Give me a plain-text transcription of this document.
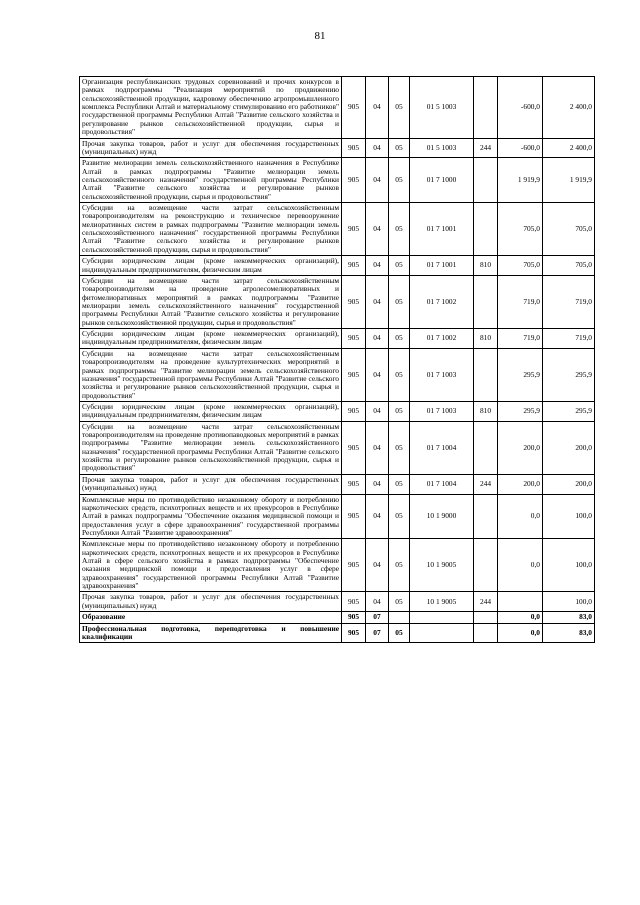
81
Организация республиканских трудовых соревнований и прочих конкурсов в рамках подпрограммы "Реализация мероприятий по продвижению сельскохозяйственной продукции, кадровому обеспечению агропромышленного комплекса Республики Алтай и материальному стимулированию его работников" государственной программы Республики Алтай "Развитие сельского хозяйства и регулирование рынков сельскохозяйственной продукции, сырья и продовольствия"	905	04	05	01 5 1003		-600,0	2 400,0
Прочая закупка товаров, работ и услуг для обеспечения государственных (муниципальных) нужд	905	04	05	01 5 1003	244	-600,0	2 400,0
Развитие мелиорации земель сельскохозяйственного назначения в Республике Алтай в рамках подпрограммы "Развитие мелиорации земель сельскохозяйственного назначения" государственной программы Республики Алтай "Развитие сельского хозяйства и регулирование рынков сельскохозяйственной продукции, сырья и продовольствия"	905	04	05	01 7 1000		1 919,9	1 919,9
Субсидии на возмещение части затрат сельскохозяйственным товаропроизводителям на реконструкцию и техническое перевооружение мелиоративных систем в рамках подпрограммы "Развитие мелиорации земель сельскохозяйственного назначения" государственной программы Республики Алтай "Развитие сельского хозяйства и регулирование рынков сельскохозяйственной продукции, сырья и продовольствия"	905	04	05	01 7 1001		705,0	705,0
Субсидии юридическим лицам (кроме некоммерческих организаций), индивидуальным предпринимателям, физическим лицам	905	04	05	01 7 1001	810	705,0	705,0
Субсидии на возмещение части затрат сельскохозяйственным товаропроизводителям на проведение агролесомелиоративных и фитомелиоративных мероприятий в рамках подпрограммы "Развитие мелиорации земель сельскохозяйственного назначения" государственной программы Республики Алтай "Развитие сельского хозяйства и регулирование рынков сельскохозяйственной продукции, сырья и продовольствия"	905	04	05	01 7 1002		719,0	719,0
Субсидии юридическим лицам (кроме некоммерческих организаций), индивидуальным предпринимателям, физическим лицам	905	04	05	01 7 1002	810	719,0	719,0
Субсидии на возмещение части затрат сельскохозяйственным товаропроизводителям на проведение культуртехнических мероприятий в рамках подпрограммы "Развитие мелиорации земель сельскохозяйственного назначения" государственной программы Республики Алтай "Развитие сельского хозяйства и регулирование рынков сельскохозяйственной продукции, сырья и продовольствия"	905	04	05	01 7 1003		295,9	295,9
Субсидии юридическим лицам (кроме некоммерческих организаций), индивидуальным предпринимателям, физическим лицам	905	04	05	01 7 1003	810	295,9	295,9
Субсидии на возмещение части затрат сельскохозяйственным товаропроизводителям на проведение противопаводковых мероприятий в рамках подпрограммы "Развитие мелиорации земель сельскохозяйственного назначения" государственной программы Республики Алтай "Развитие сельского хозяйства и регулирование рынков сельскохозяйственной продукции, сырья и продовольствия"	905	04	05	01 7 1004		200,0	200,0
Прочая закупка товаров, работ и услуг для обеспечения государственных (муниципальных) нужд	905	04	05	01 7 1004	244	200,0	200,0
Комплексные меры по противодействию незаконному обороту и потреблению наркотических средств, психотропных веществ и их прекурсоров в Республике Алтай в рамках подпрограммы "Обеспечение оказания медицинской помощи и предоставления услуг в сфере здравоохранения" государственной программы Республики Алтай "Развитие здравоохранения"	905	04	05	10 1 9000		0,0	100,0
Комплексные меры по противодействию незаконному обороту и потреблению наркотических средств, психотропных веществ и их прекурсоров в Республике Алтай в сфере сельского хозяйства в рамках подпрограммы "Обеспечение оказания медицинской помощи и предоставления услуг в сфере здравоохранения" государственной программы Республики Алтай "Развитие здравоохранения"	905	04	05	10 1 9005		0,0	100,0
Прочая закупка товаров, работ и услуг для обеспечения государственных (муниципальных) нужд	905	04	05	10 1 9005	244		100,0
Образование	905	07				0,0	83,0
Профессиональная подготовка, переподготовка и повышение квалификации	905	07	05			0,0	83,0
